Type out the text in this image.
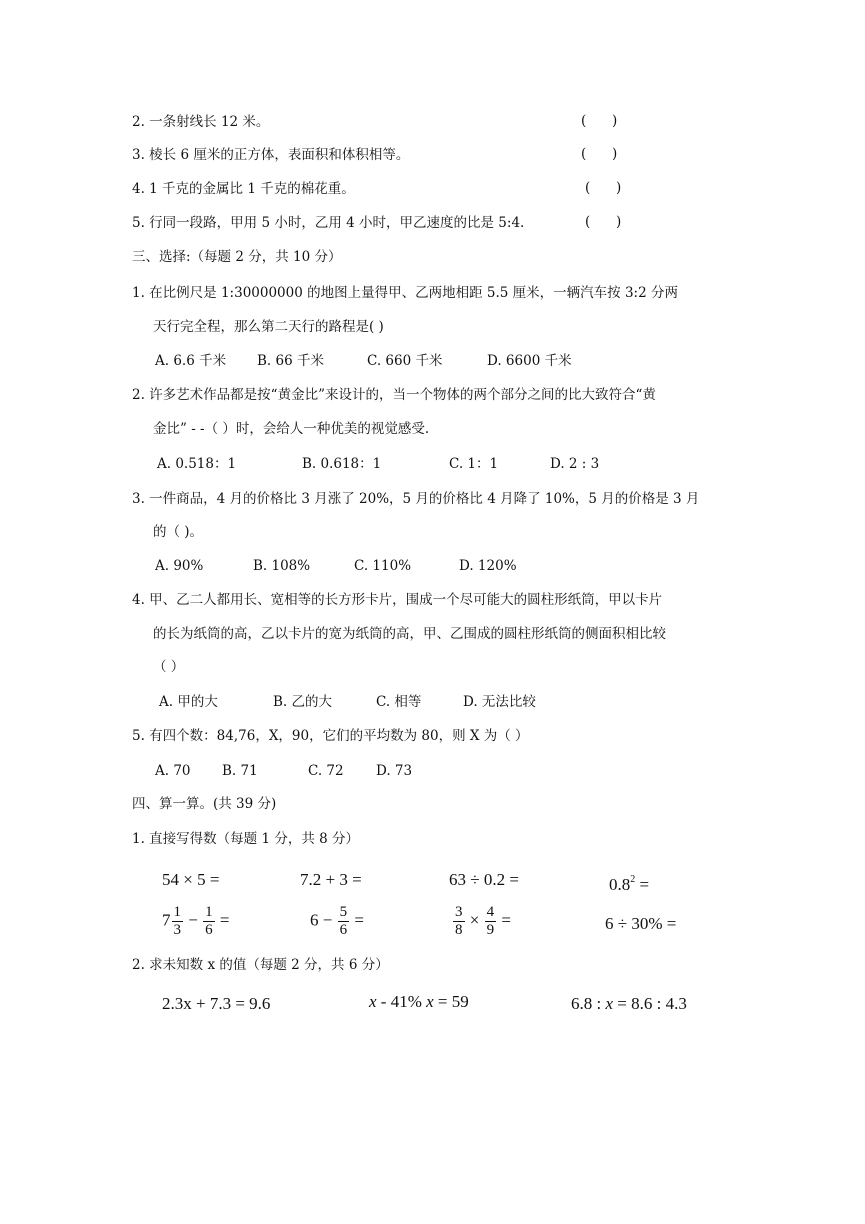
2. 一条射线长 12 米。	(      )
3. 棱长 6 厘米的正方体，表面积和体积相等。	(      )
4. 1 千克的金属比 1 千克的棉花重。	(      )
5. 行同一段路，甲用 5 小时，乙用 4 小时，甲乙速度的比是 5:4.	(      )
三、选择:（每题 2 分，共 10 分）
1. 在比例尺是 1:30000000 的地图上量得甲、乙两地相距 5.5 厘米，一辆汽车按 3:2 分两
天行完全程，那么第二天行的路程是( )
A. 6.6 千米 B. 66 千米	C. 660 千米	D. 6600 千米
2. 许多艺术作品都是按“黄金比”来设计的，当一个物体的两个部分之间的比大致符合“黄
金比” - -（ ）时，会给人一种优美的视觉感受.
A. 0.518：1	B. 0.618：1	C. 1：1	D. 2 : 3
3. 一件商品，4 月的价格比 3 月涨了 20%，5 月的价格比 4 月降了 10%，5 月的价格是 3 月
的（ )。
A. 90%	B. 108%	C. 110%	D. 120%
4. 甲、乙二人都用长、宽相等的长方形卡片，围成一个尽可能大的圆柱形纸筒，甲以卡片
的长为纸筒的高，乙以卡片的宽为纸筒的高，甲、乙围成的圆柱形纸筒的侧面积相比较
（ ）
A. 甲的大	B. 乙的大	C. 相等	D. 无法比较
5. 有四个数：84,76，X，90，它们的平均数为 80，则 X 为（ ）
A. 70 B. 71	C. 72 D. 73
四、算一算。(共 39 分)
1. 直接写得数（每题 1 分，共 8 分）
54 × 5 =	7.2 + 3 =	63 ÷ 0.2 =	$0.8^2$ =
$7 \frac{1}{3} - \frac{1}{6}$ =	$6 - \frac{5}{6}$ =	$\frac{3}{8} \times \frac{4}{9}$ =	6 ÷ 30% =
2. 求未知数 x 的值（每题 2 分，共 6 分）
2.3x + 7.3 = 9.6	x - 41% x = 59	6.8 : x = 8.6 : 4.3
